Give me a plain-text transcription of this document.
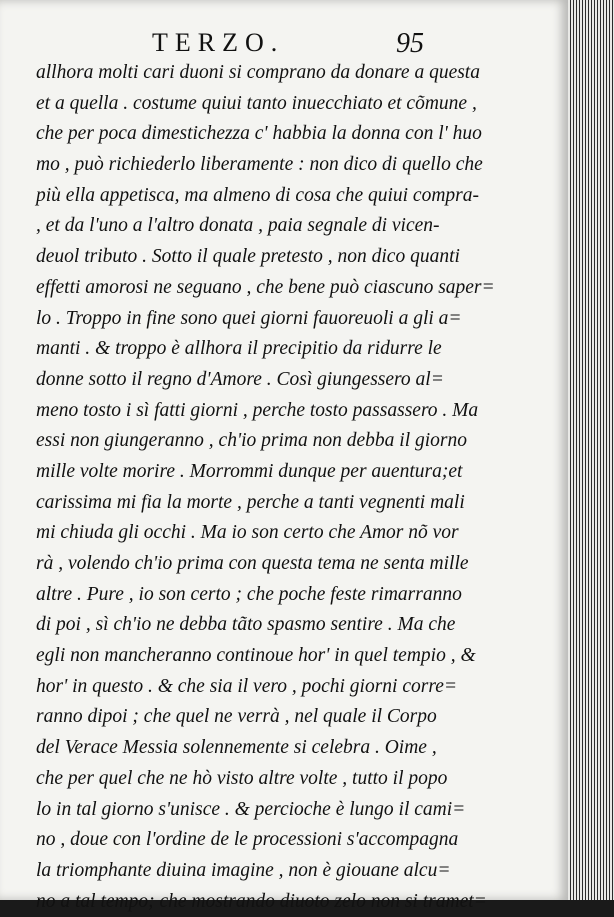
TERZO.	95
allhora molti cari duoni si comprano da donare a questa
et a quella . costume quiui tanto inuecchiato et cõmune ,
che per poca dimestichezza c' habbia la donna con l' huo
mo , può richiederlo liberamente : non dico di quello che
più ella appetisca, ma almeno di cosa che quiui compra-
, et da l'uno a l'altro donata , paia segnale di vicen-
deuol tributo . Sotto il quale pretesto , non dico quanti
effetti amorosi ne seguano , che bene può ciascuno saper=
lo . Troppo in fine sono quei giorni fauoreuoli a gli a=
manti . & troppo è allhora il precipitio da ridurre le
donne sotto il regno d'Amore . Così giungessero al=
meno tosto i sì fatti giorni , perche tosto passassero . Ma
essi non giungeranno , ch'io prima non debba il giorno
mille volte morire . Morrommi dunque per auentura;et
carissima mi fia la morte , perche a tanti vegnenti mali
mi chiuda gli occhi . Ma io son certo che Amor nõ vor
rà , volendo ch'io prima con questa tema ne senta mille
altre . Pure , io son certo ; che poche feste rimarranno
di poi , sì ch'io ne debba tãto spasmo sentire . Ma che
egli non mancheranno continoue hor' in quel tempio , &
hor' in questo . & che sia il vero , pochi giorni corre=
ranno dipoi ; che quel ne verrà , nel quale il Corpo
del Verace Messia solennemente si celebra . Oime ,
che per quel che ne hò visto altre volte , tutto il popo
lo in tal giorno s'unisce . & percioche è lungo il cami=
no , doue con l'ordine de le processioni s'accompagna
la triomphante diuina imagine , non è giouane alcu=
no a tal tempo; che mostrando diuoto zelo non si tramet=
